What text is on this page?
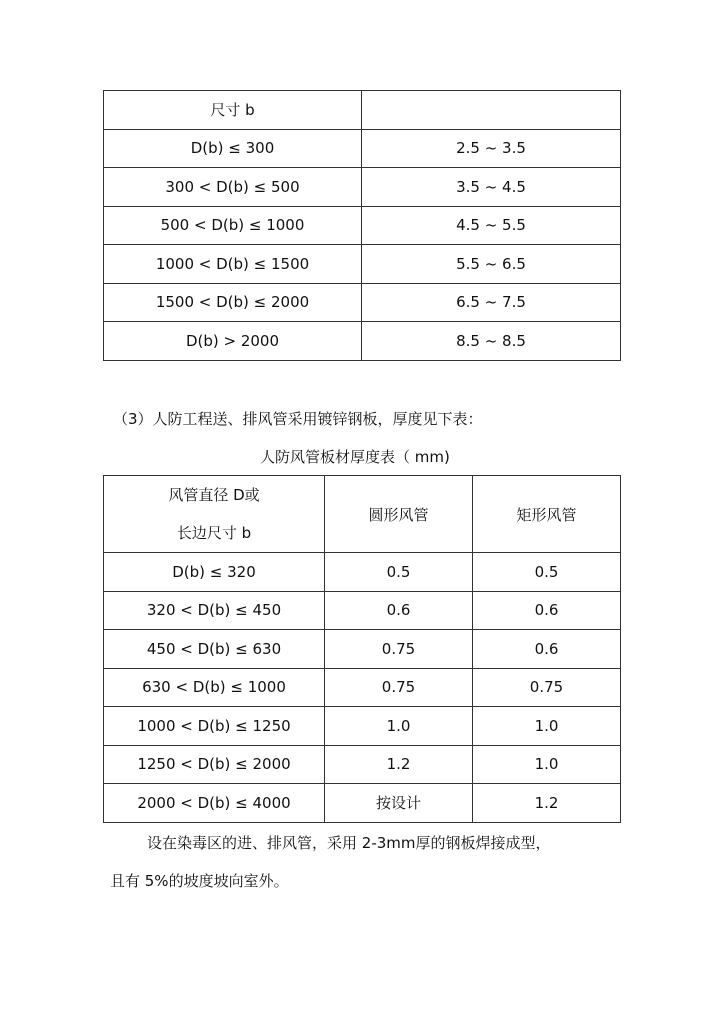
尺寸 b	
D(b) ≤ 300	2.5 ~ 3.5
300 < D(b) ≤ 500	3.5 ~ 4.5
500 < D(b) ≤ 1000	4.5 ~ 5.5
1000 < D(b) ≤ 1500	5.5 ~ 6.5
1500 < D(b) ≤ 2000	6.5 ~ 7.5
D(b) > 2000	8.5 ~ 8.5
（3）人防工程送、排风管采用镀锌钢板，厚度见下表：
人防风管板材厚度表（ mm)
风管直径 D或
长边尺寸 b	圆形风管	矩形风管
D(b) ≤ 320	0.5	0.5
320 < D(b) ≤ 450	0.6	0.6
450 < D(b) ≤ 630	0.75	0.6
630 < D(b) ≤ 1000	0.75	0.75
1000 < D(b) ≤ 1250	1.0	1.0
1250 < D(b) ≤ 2000	1.2	1.0
2000 < D(b) ≤ 4000	按设计	1.2
设在染毒区的进、排风管，采用 2-3mm厚的钢板焊接成型，
且有 5%的坡度坡向室外。
